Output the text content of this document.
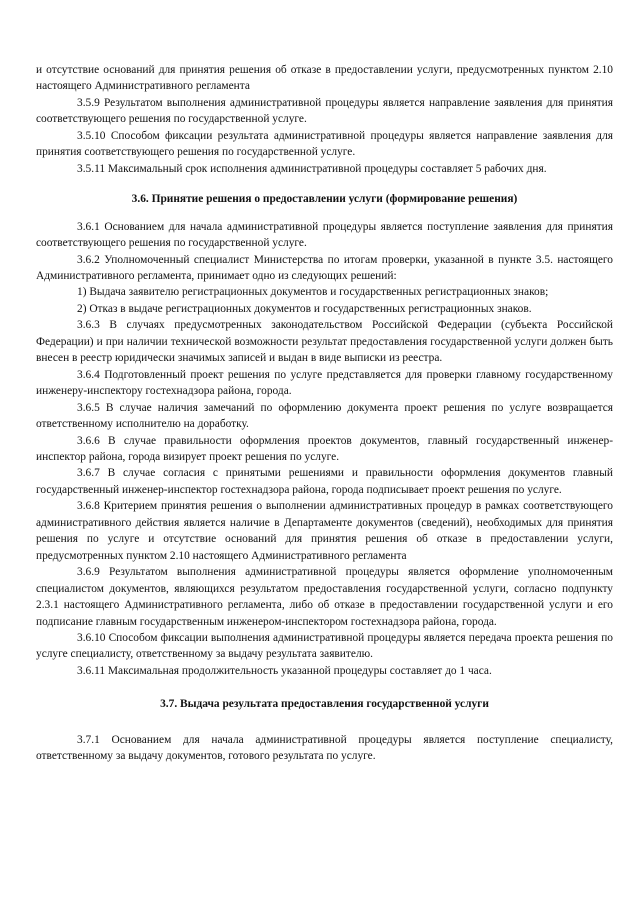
и отсутствие оснований для принятия решения об отказе в предоставлении услуги, предусмотренных пунктом 2.10 настоящего Административного регламента

3.5.9 Результатом выполнения административной процедуры является направление заявления для принятия соответствующего решения по государственной услуге.

3.5.10 Способом фиксации результата административной процедуры является направление заявления для принятия соответствующего решения по государственной услуге.

3.5.11 Максимальный срок исполнения административной процедуры составляет 5 рабочих дня.

3.6. Принятие решения о предоставлении услуги (формирование решения)

3.6.1 Основанием для начала административной процедуры является поступление заявления для принятия соответствующего решения по государственной услуге.

3.6.2 Уполномоченный специалист Министерства по итогам проверки, указанной в пункте 3.5. настоящего Административного регламента, принимает одно из следующих решений:

1) Выдача заявителю регистрационных документов и государственных регистрационных знаков;

2) Отказ в выдаче регистрационных документов и государственных регистрационных знаков.

3.6.3 В случаях предусмотренных законодательством Российской Федерации (субъекта Российской Федерации) и при наличии технической возможности результат предоставления государственной услуги должен быть внесен в реестр юридически значимых записей и выдан в виде выписки из реестра.

3.6.4 Подготовленный проект решения по услуге представляется для проверки главному государственному инженеру-инспектору гостехнадзора района, города.

3.6.5 В случае наличия замечаний по оформлению документа проект решения по услуге возвращается ответственному исполнителю на доработку.

3.6.6 В случае правильности оформления проектов документов, главный государственный инженер-инспектор района, города визирует проект решения по услуге.

3.6.7 В случае согласия с принятыми решениями и правильности оформления документов главный государственный инженер-инспектор гостехнадзора района, города подписывает проект решения по услуге.

3.6.8 Критерием принятия решения о выполнении административных процедур в рамках соответствующего административного действия является наличие в Департаменте документов (сведений), необходимых для принятия решения по услуге и отсутствие оснований для принятия решения об отказе в предоставлении услуги, предусмотренных пунктом 2.10 настоящего Административного регламента

3.6.9 Результатом выполнения административной процедуры является оформление уполномоченным специалистом документов, являющихся результатом предоставления государственной услуги, согласно подпункту 2.3.1 настоящего Административного регламента, либо об отказе в предоставлении государственной услуги и его подписание главным государственным инженером-инспектором гостехнадзора района, города.

3.6.10 Способом фиксации выполнения административной процедуры является передача проекта решения по услуге специалисту, ответственному за выдачу результата заявителю.

3.6.11 Максимальная продолжительность указанной процедуры составляет до 1 часа.

3.7. Выдача результата предоставления государственной услуги

3.7.1 Основанием для начала административной процедуры является поступление специалисту, ответственному за выдачу документов, готового результата по услуге.
